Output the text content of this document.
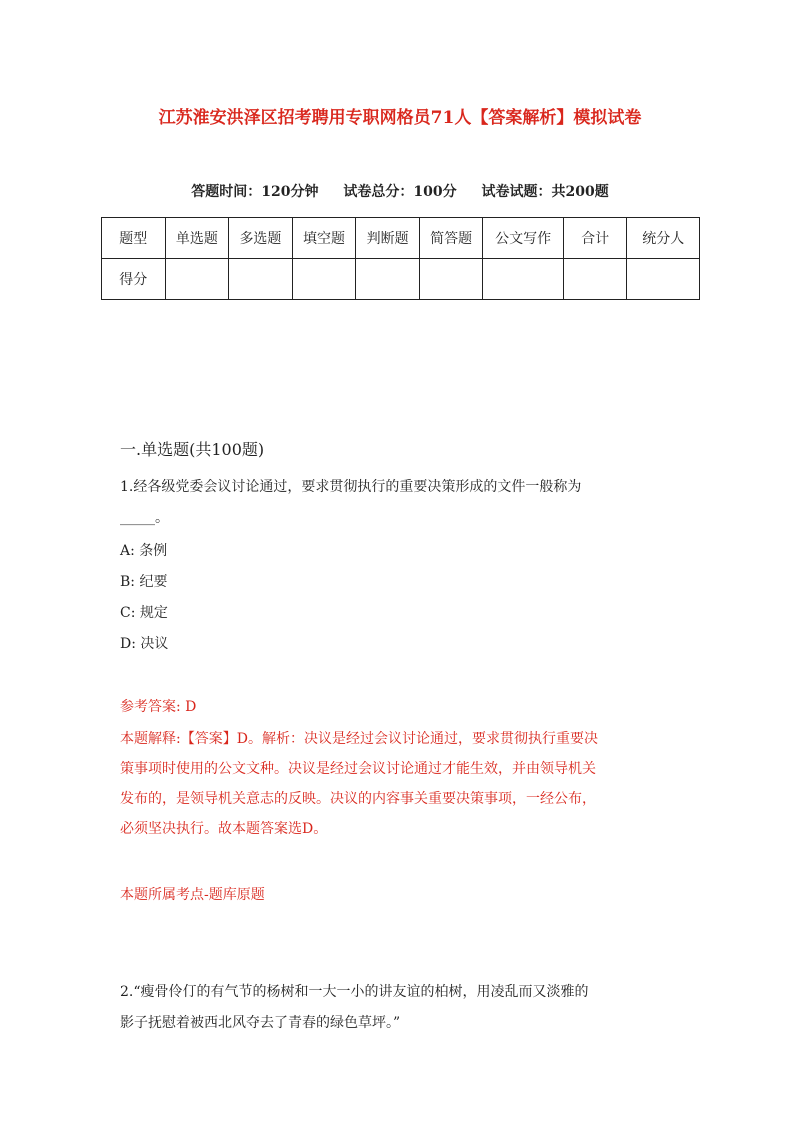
江苏淮安洪泽区招考聘用专职网格员71人【答案解析】模拟试卷
答题时间：120分钟 试卷总分：100分 试卷试题：共200题
题型	单选题	多选题	填空题	判断题	简答题	公文写作	合计	统分人
得分								
一.单选题(共100题)
1.经各级党委会议讨论通过，要求贯彻执行的重要决策形成的文件一般称为
_____。
A: 条例
B: 纪要
C: 规定
D: 决议
参考答案: D
本题解释:【答案】D。解析：决议是经过会议讨论通过，要求贯彻执行重要决
策事项时使用的公文文种。决议是经过会议讨论通过才能生效，并由领导机关
发布的，是领导机关意志的反映。决议的内容事关重要决策事项，一经公布，
必须坚决执行。故本题答案选D。
本题所属考点-题库原题
2.“瘦骨伶仃的有气节的杨树和一大一小的讲友谊的柏树，用凌乱而又淡雅的
影子抚慰着被西北风夺去了青春的绿色草坪。”
